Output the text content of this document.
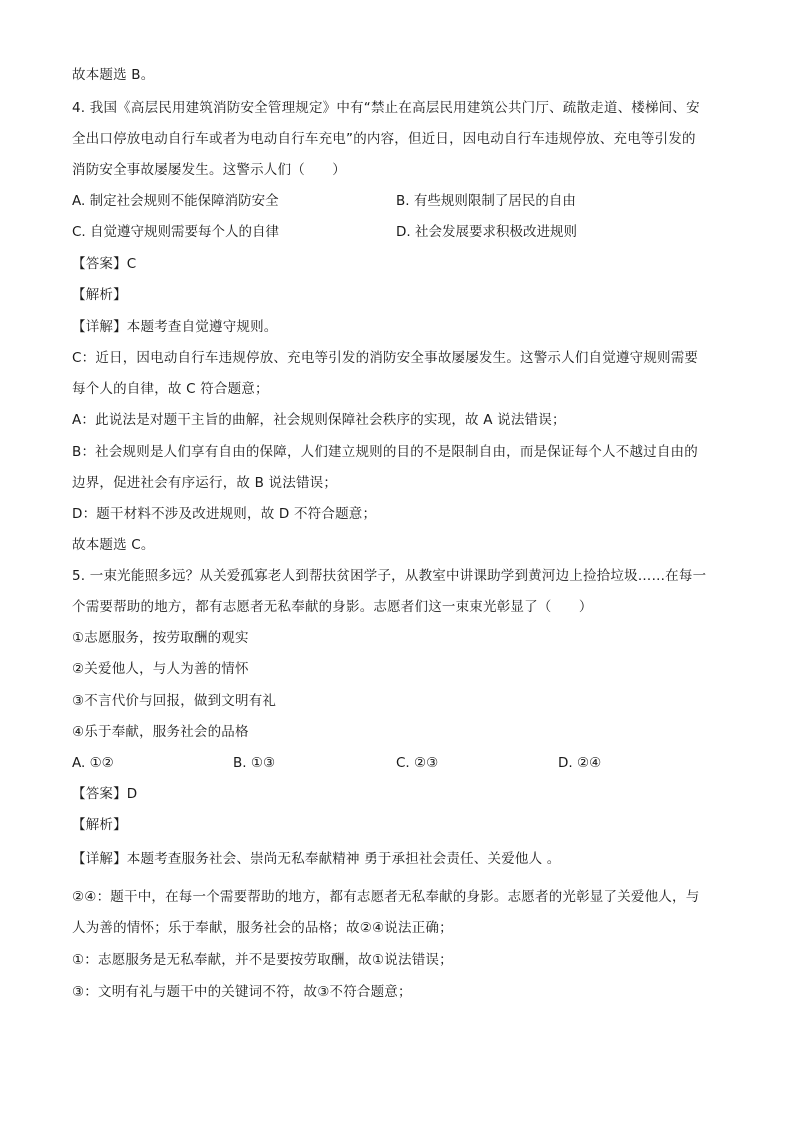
故本题选 B。
4. 我国《高层民用建筑消防安全管理规定》中有“禁止在高层民用建筑公共门厅、疏散走道、楼梯间、安
全出口停放电动自行车或者为电动自行车充电”的内容，但近日，因电动自行车违规停放、充电等引发的
消防安全事故屡屡发生。这警示人们（　　）
A. 制定社会规则不能保障消防安全	B. 有些规则限制了居民的自由
C. 自觉遵守规则需要每个人的自律	D. 社会发展要求积极改进规则
【答案】C
【解析】
【详解】本题考查自觉遵守规则。
C：近日，因电动自行车违规停放、充电等引发的消防安全事故屡屡发生。这警示人们自觉遵守规则需要
每个人的自律，故 C 符合题意；
A：此说法是对题干主旨的曲解，社会规则保障社会秩序的实现，故 A 说法错误；
B：社会规则是人们享有自由的保障，人们建立规则的目的不是限制自由，而是保证每个人不越过自由的
边界，促进社会有序运行，故 B 说法错误；
D：题干材料不涉及改进规则，故 D 不符合题意；
故本题选 C。
5. 一束光能照多远？从关爱孤寡老人到帮扶贫困学子，从教室中讲课助学到黄河边上捡拾垃圾……在每一
个需要帮助的地方，都有志愿者无私奉献的身影。志愿者们这一束束光彰显了（　　）
①志愿服务，按劳取酬的观实
②关爱他人，与人为善的情怀
③不言代价与回报，做到文明有礼
④乐于奉献，服务社会的品格
A. ①②	B. ①③	C. ②③	D. ②④
【答案】D
【解析】
【详解】本题考查服务社会、崇尚无私奉献精神 勇于承担社会责任、关爱他人 。
②④：题干中，在每一个需要帮助的地方，都有志愿者无私奉献的身影。志愿者的光彰显了关爱他人，与
人为善的情怀；乐于奉献，服务社会的品格；故②④说法正确；
①：志愿服务是无私奉献，并不是要按劳取酬，故①说法错误；
③：文明有礼与题干中的关键词不符，故③不符合题意；
